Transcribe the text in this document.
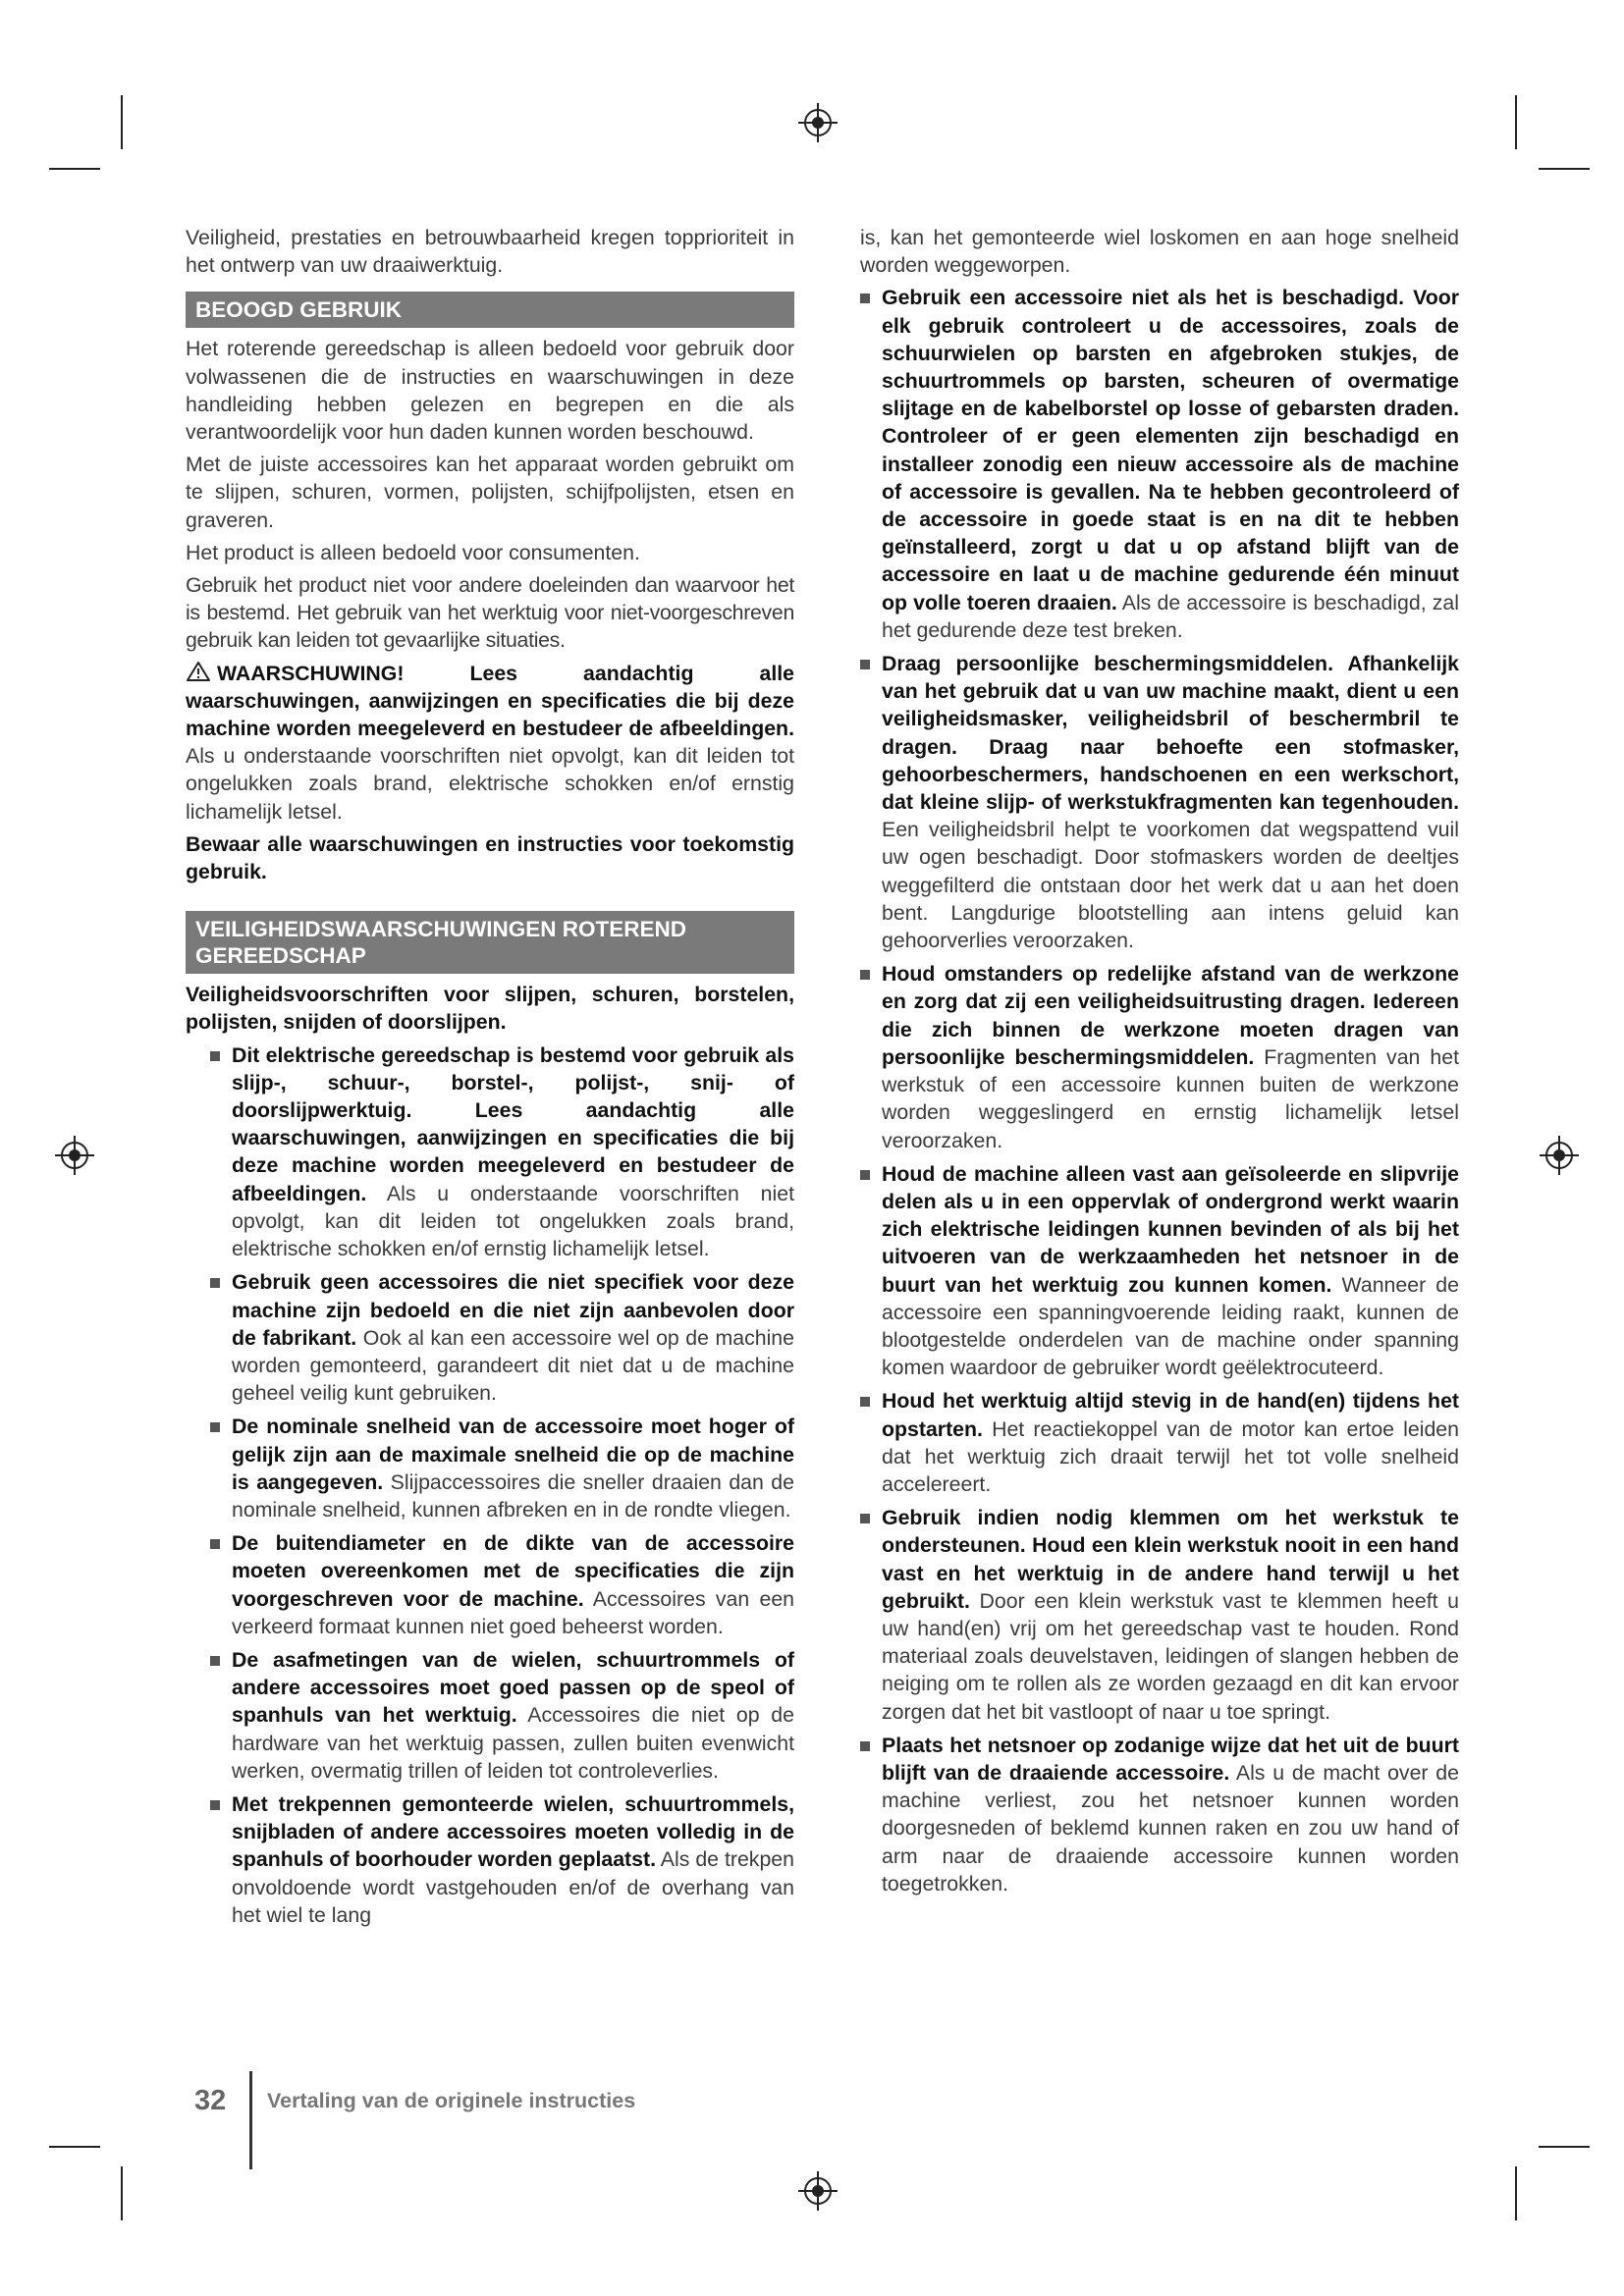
Veiligheid, prestaties en betrouwbaarheid kregen topprioriteit in het ontwerp van uw draaiwerktuig.

BEOOGD GEBRUIK

Het roterende gereedschap is alleen bedoeld voor gebruik door volwassenen die de instructies en waarschuwingen in deze handleiding hebben gelezen en begrepen en die als verantwoordelijk voor hun daden kunnen worden beschouwd.

Met de juiste accessoires kan het apparaat worden gebruikt om te slijpen, schuren, vormen, polijsten, schijfpolijsten, etsen en graveren.

Het product is alleen bedoeld voor consumenten.

Gebruik het product niet voor andere doeleinden dan waarvoor het is bestemd. Het gebruik van het werktuig voor niet-voorgeschreven gebruik kan leiden tot gevaarlijke situaties.

WAARSCHUWING! Lees aandachtig alle waarschuwingen, aanwijzingen en specificaties die bij deze machine worden meegeleverd en bestudeer de afbeeldingen. Als u onderstaande voorschriften niet opvolgt, kan dit leiden tot ongelukken zoals brand, elektrische schokken en/of ernstig lichamelijk letsel.

Bewaar alle waarschuwingen en instructies voor toekomstig gebruik.

VEILIGHEIDSWAARSCHUWINGEN ROTEREND GEREEDSCHAP

Veiligheidsvoorschriften voor slijpen, schuren, borstelen, polijsten, snijden of doorslijpen.

Dit elektrische gereedschap is bestemd voor gebruik als slijp-, schuur-, borstel-, polijst-, snij- of doorslijpwerktuig. Lees aandachtig alle waarschuwingen, aanwijzingen en specificaties die bij deze machine worden meegeleverd en bestudeer de afbeeldingen. Als u onderstaande voorschriften niet opvolgt, kan dit leiden tot ongelukken zoals brand, elektrische schokken en/of ernstig lichamelijk letsel.
Gebruik geen accessoires die niet specifiek voor deze machine zijn bedoeld en die niet zijn aanbevolen door de fabrikant. Ook al kan een accessoire wel op de machine worden gemonteerd, garandeert dit niet dat u de machine geheel veilig kunt gebruiken.
De nominale snelheid van de accessoire moet hoger of gelijk zijn aan de maximale snelheid die op de machine is aangegeven. Slijpaccessoires die sneller draaien dan de nominale snelheid, kunnen afbreken en in de rondte vliegen.
De buitendiameter en de dikte van de accessoire moeten overeenkomen met de specificaties die zijn voorgeschreven voor de machine. Accessoires van een verkeerd formaat kunnen niet goed beheerst worden.
De asafmetingen van de wielen, schuurtrommels of andere accessoires moet goed passen op de speol of spanhuls van het werktuig. Accessoires die niet op de hardware van het werktuig passen, zullen buiten evenwicht werken, overmatig trillen of leiden tot controleverlies.
Met trekpennen gemonteerde wielen, schuurtrommels, snijbladen of andere accessoires moeten volledig in de spanhuls of boorhouder worden geplaatst. Als de trekpen onvoldoende wordt vastgehouden en/of de overhang van het wiel te lang

is, kan het gemonteerde wiel loskomen en aan hoge snelheid worden weggeworpen.

Gebruik een accessoire niet als het is beschadigd. Voor elk gebruik controleert u de accessoires, zoals de schuurwielen op barsten en afgebroken stukjes, de schuurtrommels op barsten, scheuren of overmatige slijtage en de kabelborstel op losse of gebarsten draden. Controleer of er geen elementen zijn beschadigd en installeer zonodig een nieuw accessoire als de machine of accessoire is gevallen. Na te hebben gecontroleerd of de accessoire in goede staat is en na dit te hebben geïnstalleerd, zorgt u dat u op afstand blijft van de accessoire en laat u de machine gedurende één minuut op volle toeren draaien. Als de accessoire is beschadigd, zal het gedurende deze test breken.
Draag persoonlijke beschermingsmiddelen. Afhankelijk van het gebruik dat u van uw machine maakt, dient u een veiligheidsmasker, veiligheidsbril of beschermbril te dragen. Draag naar behoefte een stofmasker, gehoorbeschermers, handschoenen en een werkschort, dat kleine slijp- of werkstukfragmenten kan tegenhouden. Een veiligheidsbril helpt te voorkomen dat wegspattend vuil uw ogen beschadigt. Door stofmaskers worden de deeltjes weggefilterd die ontstaan door het werk dat u aan het doen bent. Langdurige blootstelling aan intens geluid kan gehoorverlies veroorzaken.
Houd omstanders op redelijke afstand van de werkzone en zorg dat zij een veiligheidsuitrusting dragen. Iedereen die zich binnen de werkzone moeten dragen van persoonlijke beschermingsmiddelen. Fragmenten van het werkstuk of een accessoire kunnen buiten de werkzone worden weggeslingerd en ernstig lichamelijk letsel veroorzaken.
Houd de machine alleen vast aan geïsoleerde en slipvrije delen als u in een oppervlak of ondergrond werkt waarin zich elektrische leidingen kunnen bevinden of als bij het uitvoeren van de werkzaamheden het netsnoer in de buurt van het werktuig zou kunnen komen. Wanneer de accessoire een spanningvoerende leiding raakt, kunnen de blootgestelde onderdelen van de machine onder spanning komen waardoor de gebruiker wordt geëlektrocuteerd.
Houd het werktuig altijd stevig in de hand(en) tijdens het opstarten. Het reactiekoppel van de motor kan ertoe leiden dat het werktuig zich draait terwijl het tot volle snelheid accelereert.
Gebruik indien nodig klemmen om het werkstuk te ondersteunen. Houd een klein werkstuk nooit in een hand vast en het werktuig in de andere hand terwijl u het gebruikt. Door een klein werkstuk vast te klemmen heeft u uw hand(en) vrij om het gereedschap vast te houden. Rond materiaal zoals deuvelstaven, leidingen of slangen hebben de neiging om te rollen als ze worden gezaagd en dit kan ervoor zorgen dat het bit vastloopt of naar u toe springt.
Plaats het netsnoer op zodanige wijze dat het uit de buurt blijft van de draaiende accessoire. Als u de macht over de machine verliest, zou het netsnoer kunnen worden doorgesneden of beklemd kunnen raken en zou uw hand of arm naar de draaiende accessoire kunnen worden toegetrokken.
32 Vertaling van de originele instructies
